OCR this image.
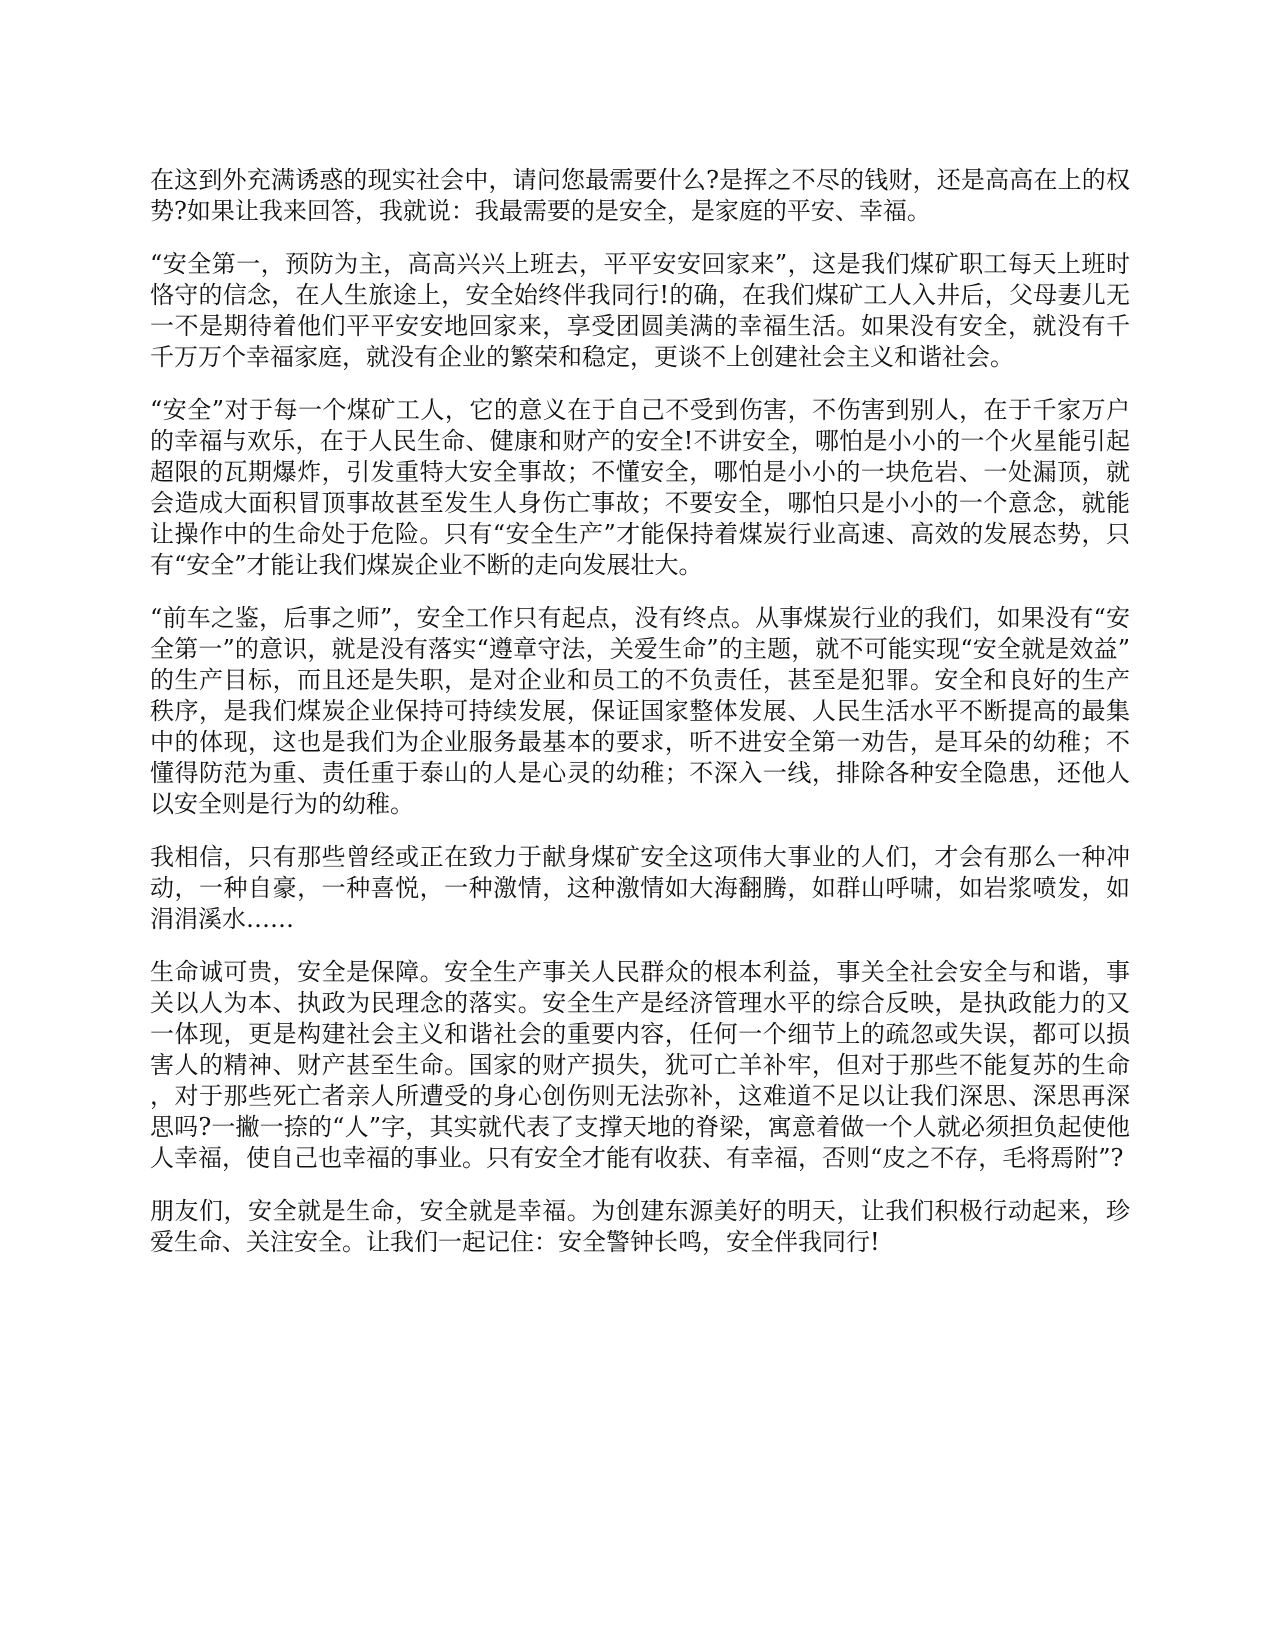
在这到外充满诱惑的现实社会中，请问您最需要什么?是挥之不尽的钱财，还是高高在上的权势?如果让我来回答，我就说：我最需要的是安全，是家庭的平安、幸福。

“安全第一，预防为主，高高兴兴上班去，平平安安回家来”，这是我们煤矿职工每天上班时恪守的信念，在人生旅途上，安全始终伴我同行!的确，在我们煤矿工人入井后，父母妻儿无一不是期待着他们平平安安地回家来，享受团圆美满的幸福生活。如果没有安全，就没有千千万万个幸福家庭，就没有企业的繁荣和稳定，更谈不上创建社会主义和谐社会。

“安全”对于每一个煤矿工人，它的意义在于自己不受到伤害，不伤害到别人，在于千家万户的幸福与欢乐，在于人民生命、健康和财产的安全!不讲安全，哪怕是小小的一个火星能引起超限的瓦期爆炸，引发重特大安全事故；不懂安全，哪怕是小小的一块危岩、一处漏顶，就会造成大面积冒顶事故甚至发生人身伤亡事故；不要安全，哪怕只是小小的一个意念，就能让操作中的生命处于危险。只有“安全生产”才能保持着煤炭行业高速、高效的发展态势，只有“安全”才能让我们煤炭企业不断的走向发展壮大。

“前车之鉴，后事之师”，安全工作只有起点，没有终点。从事煤炭行业的我们，如果没有“安全第一”的意识，就是没有落实“遵章守法，关爱生命”的主题，就不可能实现“安全就是效益”的生产目标，而且还是失职，是对企业和员工的不负责任，甚至是犯罪。安全和良好的生产秩序，是我们煤炭企业保持可持续发展，保证国家整体发展、人民生活水平不断提高的最集中的体现，这也是我们为企业服务最基本的要求，听不进安全第一劝告，是耳朵的幼稚；不懂得防范为重、责任重于泰山的人是心灵的幼稚；不深入一线，排除各种安全隐患，还他人以安全则是行为的幼稚。

我相信，只有那些曾经或正在致力于献身煤矿安全这项伟大事业的人们，才会有那么一种冲动，一种自豪，一种喜悦，一种激情，这种激情如大海翻腾，如群山呼啸，如岩浆喷发，如涓涓溪水……

生命诚可贵，安全是保障。安全生产事关人民群众的根本利益，事关全社会安全与和谐，事关以人为本、执政为民理念的落实。安全生产是经济管理水平的综合反映，是执政能力的又一体现，更是构建社会主义和谐社会的重要内容，任何一个细节上的疏忽或失误，都可以损害人的精神、财产甚至生命。国家的财产损失，犹可亡羊补牢，但对于那些不能复苏的生命，对于那些死亡者亲人所遭受的身心创伤则无法弥补，这难道不足以让我们深思、深思再深思吗?一撇一捺的“人”字，其实就代表了支撑天地的脊梁，寓意着做一个人就必须担负起使他人幸福，使自己也幸福的事业。只有安全才能有收获、有幸福，否则“皮之不存，毛将焉附”?

朋友们，安全就是生命，安全就是幸福。为创建东源美好的明天，让我们积极行动起来，珍爱生命、关注安全。让我们一起记住：安全警钟长鸣，安全伴我同行!
